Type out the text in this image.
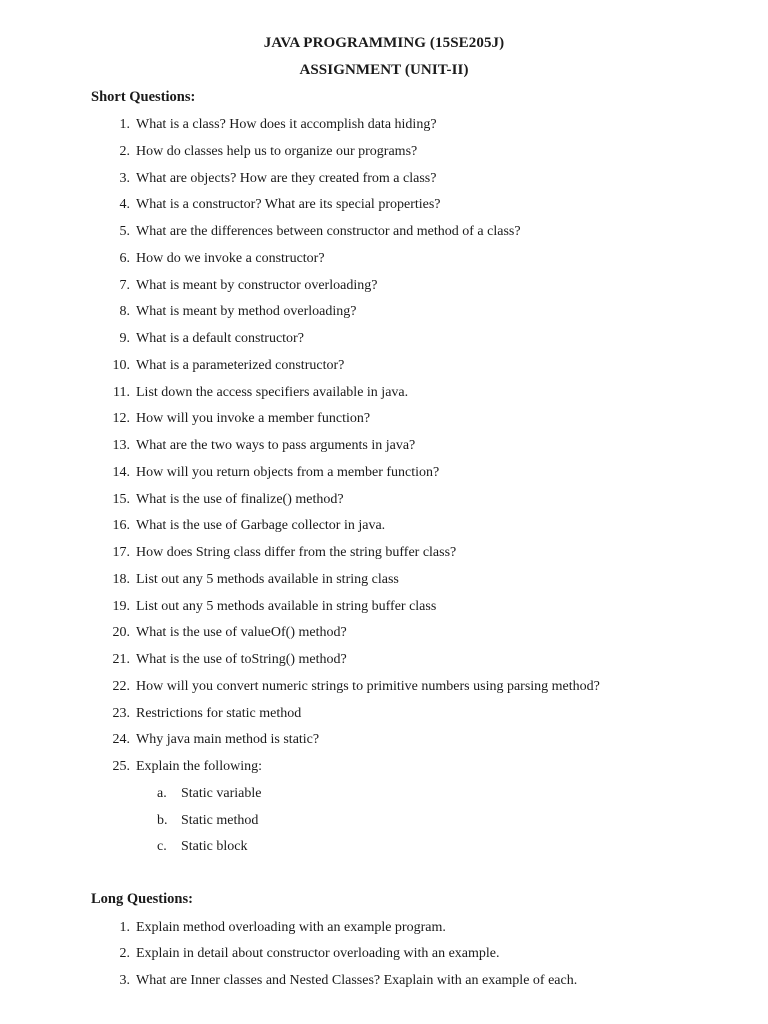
JAVA PROGRAMMING (15SE205J)
ASSIGNMENT (UNIT-II)
Short Questions:
1. What is a class? How does it accomplish data hiding?
2. How do classes help us to organize our programs?
3. What are objects? How are they created from a class?
4. What is a constructor? What are its special properties?
5. What are the differences between constructor and method of a class?
6. How do we invoke a constructor?
7. What is meant by constructor overloading?
8. What is meant by method overloading?
9. What is a default constructor?
10. What is a parameterized constructor?
11. List down the access specifiers available in java.
12. How will you invoke a member function?
13. What are the two ways to pass arguments in java?
14. How will you return objects from a member function?
15. What is the use of finalize() method?
16. What is the use of Garbage collector in java.
17. How does String class differ from the string buffer class?
18. List out any 5 methods available in string class
19. List out any 5 methods available in string buffer class
20. What is the use of valueOf() method?
21. What is the use of toString() method?
22. How will you convert numeric strings to primitive numbers using parsing method?
23. Restrictions for static method
24. Why java main method is static?
25. Explain the following:
a. Static variable
b. Static method
c. Static block
Long Questions:
1. Explain method overloading with an example program.
2. Explain in detail about constructor overloading with an example.
3. What are Inner classes and Nested Classes? Exaplain with an example of each.
